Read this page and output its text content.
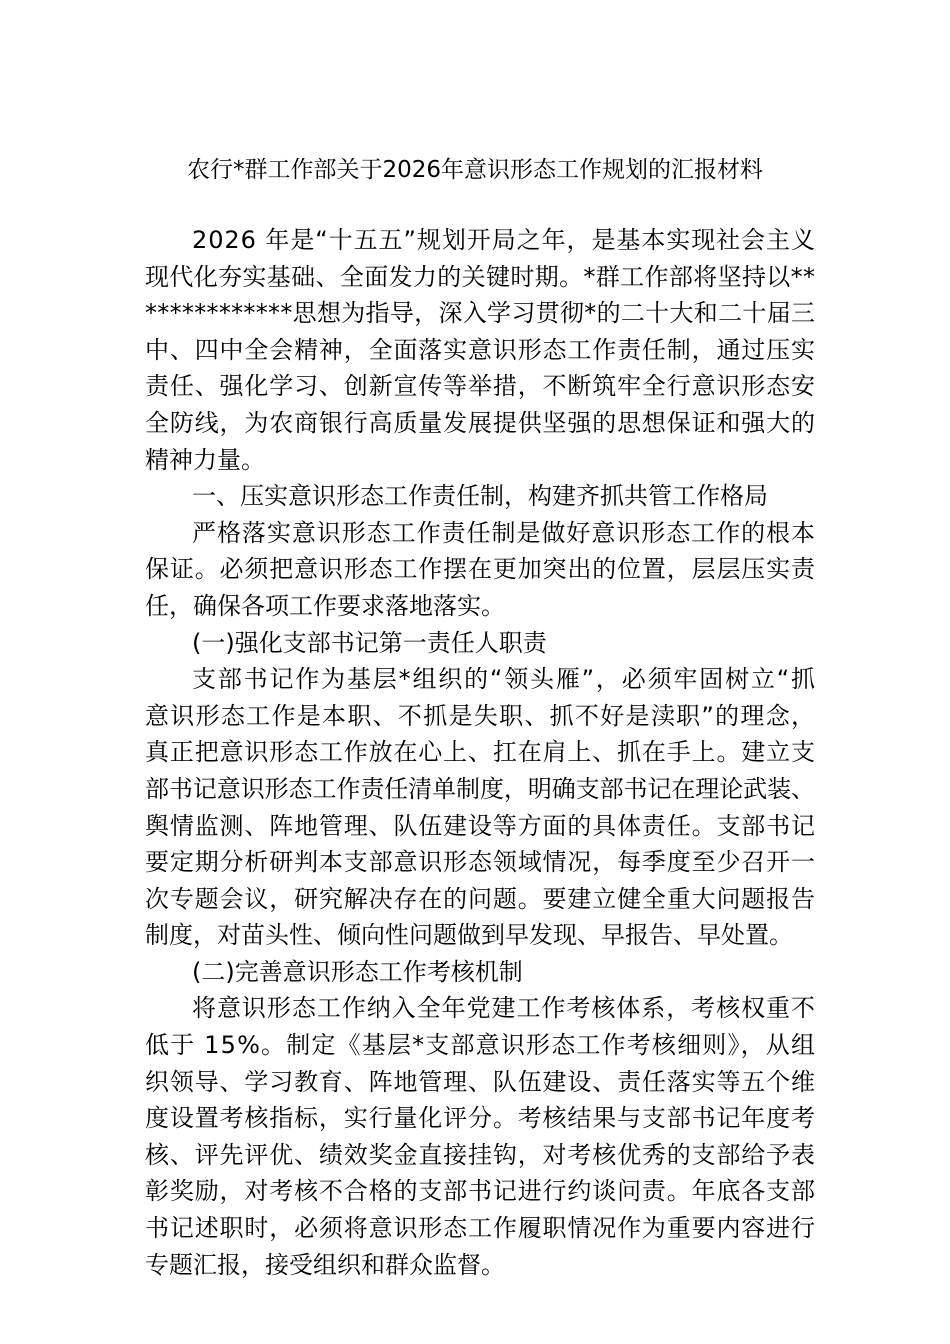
农行*群工作部关于2026年意识形态工作规划的汇报材料
2026 年是“十五五”规划开局之年，是基本实现社会主义
现代化夯实基础、全面发力的关键时期。*群工作部将坚持以**
************思想为指导，深入学习贯彻*的二十大和二十届三
中、四中全会精神，全面落实意识形态工作责任制，通过压实
责任、强化学习、创新宣传等举措，不断筑牢全行意识形态安
全防线，为农商银行高质量发展提供坚强的思想保证和强大的
精神力量。
一、压实意识形态工作责任制，构建齐抓共管工作格局
严格落实意识形态工作责任制是做好意识形态工作的根本
保证。必须把意识形态工作摆在更加突出的位置，层层压实责
任，确保各项工作要求落地落实。
(一)强化支部书记第一责任人职责
支部书记作为基层*组织的“领头雁”，必须牢固树立“抓
意识形态工作是本职、不抓是失职、抓不好是渎职”的理念，
真正把意识形态工作放在心上、扛在肩上、抓在手上。建立支
部书记意识形态工作责任清单制度，明确支部书记在理论武装、
舆情监测、阵地管理、队伍建设等方面的具体责任。支部书记
要定期分析研判本支部意识形态领域情况，每季度至少召开一
次专题会议，研究解决存在的问题。要建立健全重大问题报告
制度，对苗头性、倾向性问题做到早发现、早报告、早处置。
(二)完善意识形态工作考核机制
将意识形态工作纳入全年党建工作考核体系，考核权重不
低于 15%。制定《基层*支部意识形态工作考核细则》，从组
织领导、学习教育、阵地管理、队伍建设、责任落实等五个维
度设置考核指标，实行量化评分。考核结果与支部书记年度考
核、评先评优、绩效奖金直接挂钩，对考核优秀的支部给予表
彰奖励，对考核不合格的支部书记进行约谈问责。年底各支部
书记述职时，必须将意识形态工作履职情况作为重要内容进行
专题汇报，接受组织和群众监督。
